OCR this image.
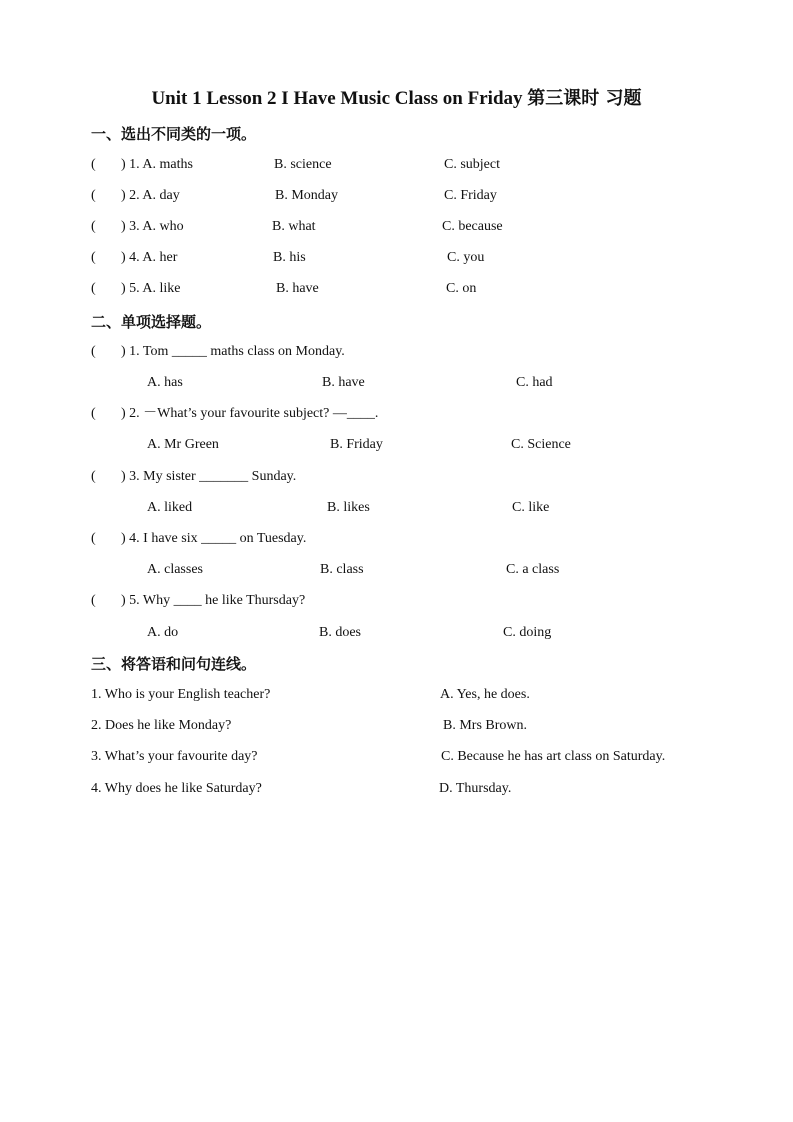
Unit 1 Lesson 2 I Have Music Class on Friday 第三课时 习题
一、选出不同类的一项。
( ) 1. A. maths	B. science	C. subject
( ) 2. A. day	B. Monday	C. Friday
( ) 3. A. who	B. what	C. because
( ) 4. A. her	B. his	C. you
( ) 5. A. like	B. have	C. on
二、单项选择题。
( ) 1. Tom _____ maths class on Monday.
A. has	B. have	C. had
( ) 2. －What’s your favourite subject? —____.
A. Mr Green	B. Friday	C. Science
( ) 3. My sister _______ Sunday.
A. liked	B. likes	C. like
( ) 4. I have six _____ on Tuesday.
A. classes	B. class	C. a class
( ) 5. Why ____ he like Thursday?
A. do	B. does	C. doing
三、将答语和问句连线。
1. Who is your English teacher?	A. Yes, he does.
2. Does he like Monday?	B. Mrs Brown.
3. What’s your favourite day?	C. Because he has art class on Saturday.
4. Why does he like Saturday?	D. Thursday.
